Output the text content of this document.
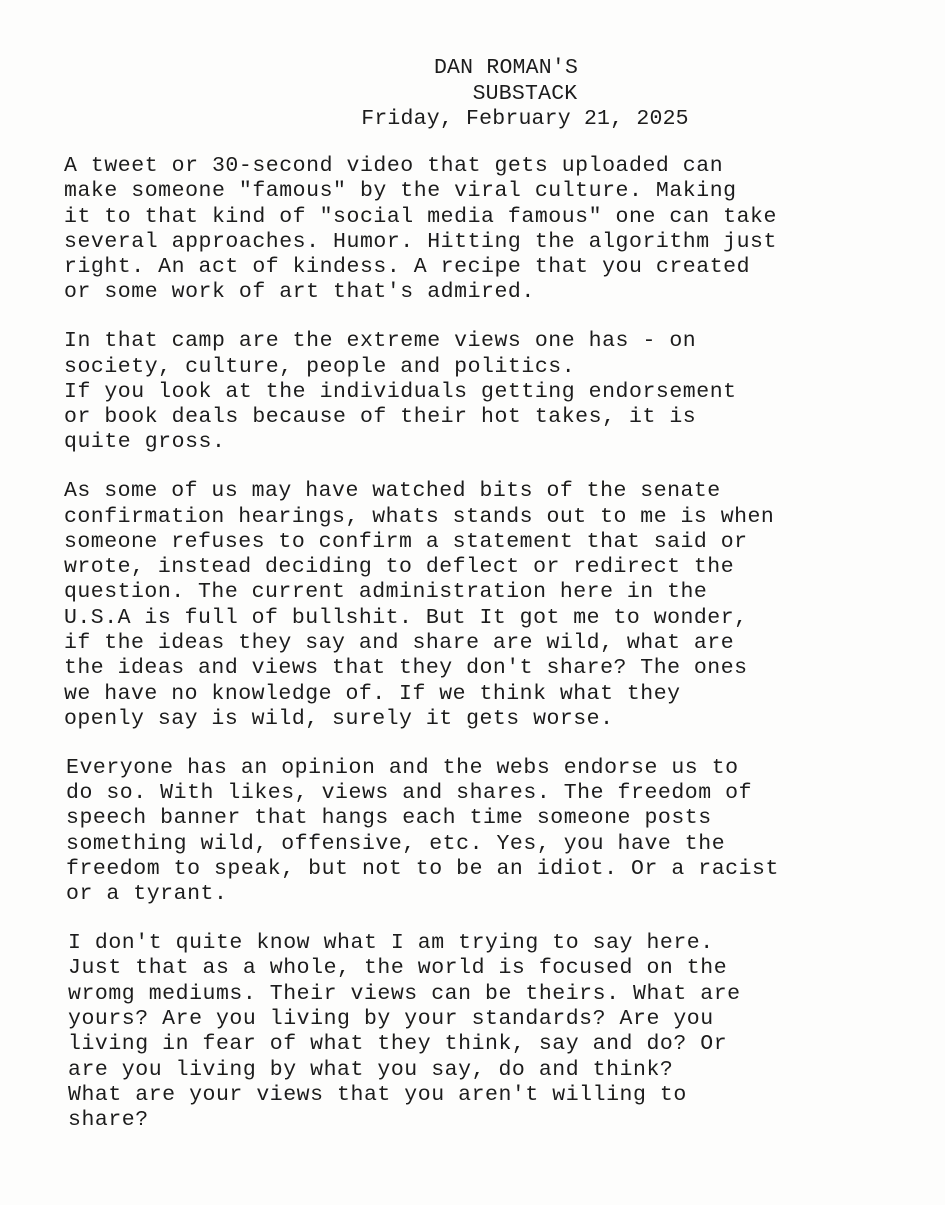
DAN ROMAN'S
SUBSTACK
Friday, February 21, 2025
A tweet or 30-second video that gets uploaded can
make someone "famous" by the viral culture. Making
it to that kind of "social media famous" one can take
several approaches. Humor. Hitting the algorithm just
right. An act of kindess. A recipe that you created
or some work of art that's admired.
In that camp are the extreme views one has - on
society, culture, people and politics.
If you look at the individuals getting endorsement
or book deals because of their hot takes, it is
quite gross.
As some of us may have watched bits of the senate
confirmation hearings, whats stands out to me is when
someone refuses to confirm a statement that said or
wrote, instead deciding to deflect or redirect the
question. The current administration here in the
U.S.A is full of bullshit. But It got me to wonder,
if the ideas they say and share are wild, what are
the ideas and views that they don't share? The ones
we have no knowledge of. If we think what they
openly say is wild, surely it gets worse.
Everyone has an opinion and the webs endorse us to
do so. With likes, views and shares. The freedom of
speech banner that hangs each time someone posts
something wild, offensive, etc. Yes, you have the
freedom to speak, but not to be an idiot. Or a racist
or a tyrant.
I don't quite know what I am trying to say here.
Just that as a whole, the world is focused on the
wromg mediums. Their views can be theirs. What are
yours? Are you living by your standards? Are you
living in fear of what they think, say and do? Or
are you living by what you say, do and think?
What are your views that you aren't willing to
share?
